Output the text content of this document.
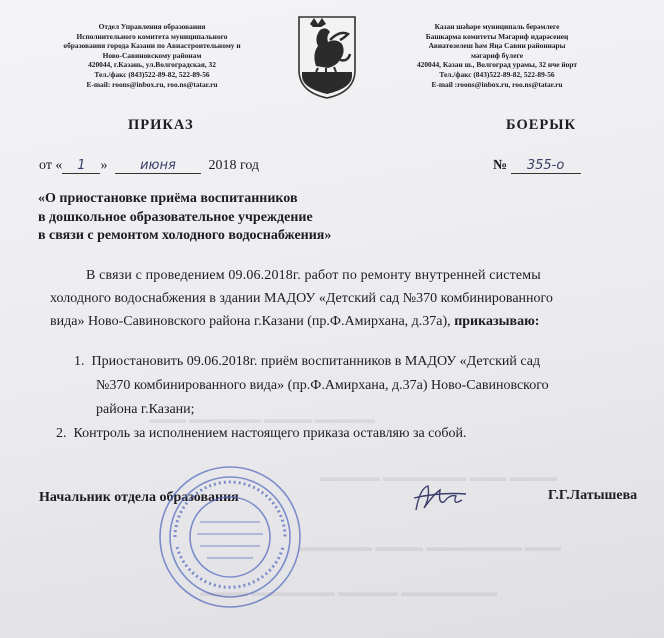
Отдел Управления образования
Исполнительного комитета муниципального
образования города Казани по Авиастроительному и
Ново-Савиновскому районам
420044, г.Казань, ул.Волгоградская, 32
Тел./факс (843)522-89-82, 522-89-56
E-mail: roons@inbox.ru, roo.ns@tatar.ru
Казан шәһәре муниципаль берәмлеге
Башкарма комитеты Мәгариф идарәсенең
Авиатөзелеш һәм Яңа Савин районнары
мәгариф бүлеге
420044, Казан ш., Волгоград урамы, 32 нче йорт
Тел./факс (843)522-89-82, 522-89-56
E-mail :roons@inbox.ru, roo.ns@tatar.ru
ПРИКАЗ	БОЕРЫК
от « 1 »	июня 2018 год	№ 355-о
«О приостановке приёма воспитанников
в дошкольное образовательное учреждение
в связи с ремонтом холодного водоснабжения»

В связи с проведением 09.06.2018г. работ по ремонту внутренней системы

холодного водоснабжения в здании МАДОУ «Детский сад №370 комбинированного

вида» Ново-Савиновского района г.Казани (пр.Ф.Амирхана, д.37а), приказываю:

1. Приостановить 09.06.2018г. приём воспитанников в МАДОУ «Детский сад
№370 комбинированного вида» (пр.Ф.Амирхана, д.37а) Ново-Савиновского
района г.Казани;
2. Контроль за исполнением настоящего приказа оставляю за собой.
Начальник отдела образования	Г.Г.Латышева
▬▬▬ ▬▬▬▬▬▬ ▬▬▬▬ ▬▬▬▬▬
▬▬▬▬▬ ▬▬▬▬▬▬▬ ▬▬▬ ▬▬▬▬
▬▬▬▬▬▬ ▬▬▬▬ ▬▬▬▬▬▬▬▬ ▬▬▬
▬▬▬▬ ▬▬▬▬▬▬▬ ▬▬▬▬▬ ▬▬▬▬▬▬▬▬
